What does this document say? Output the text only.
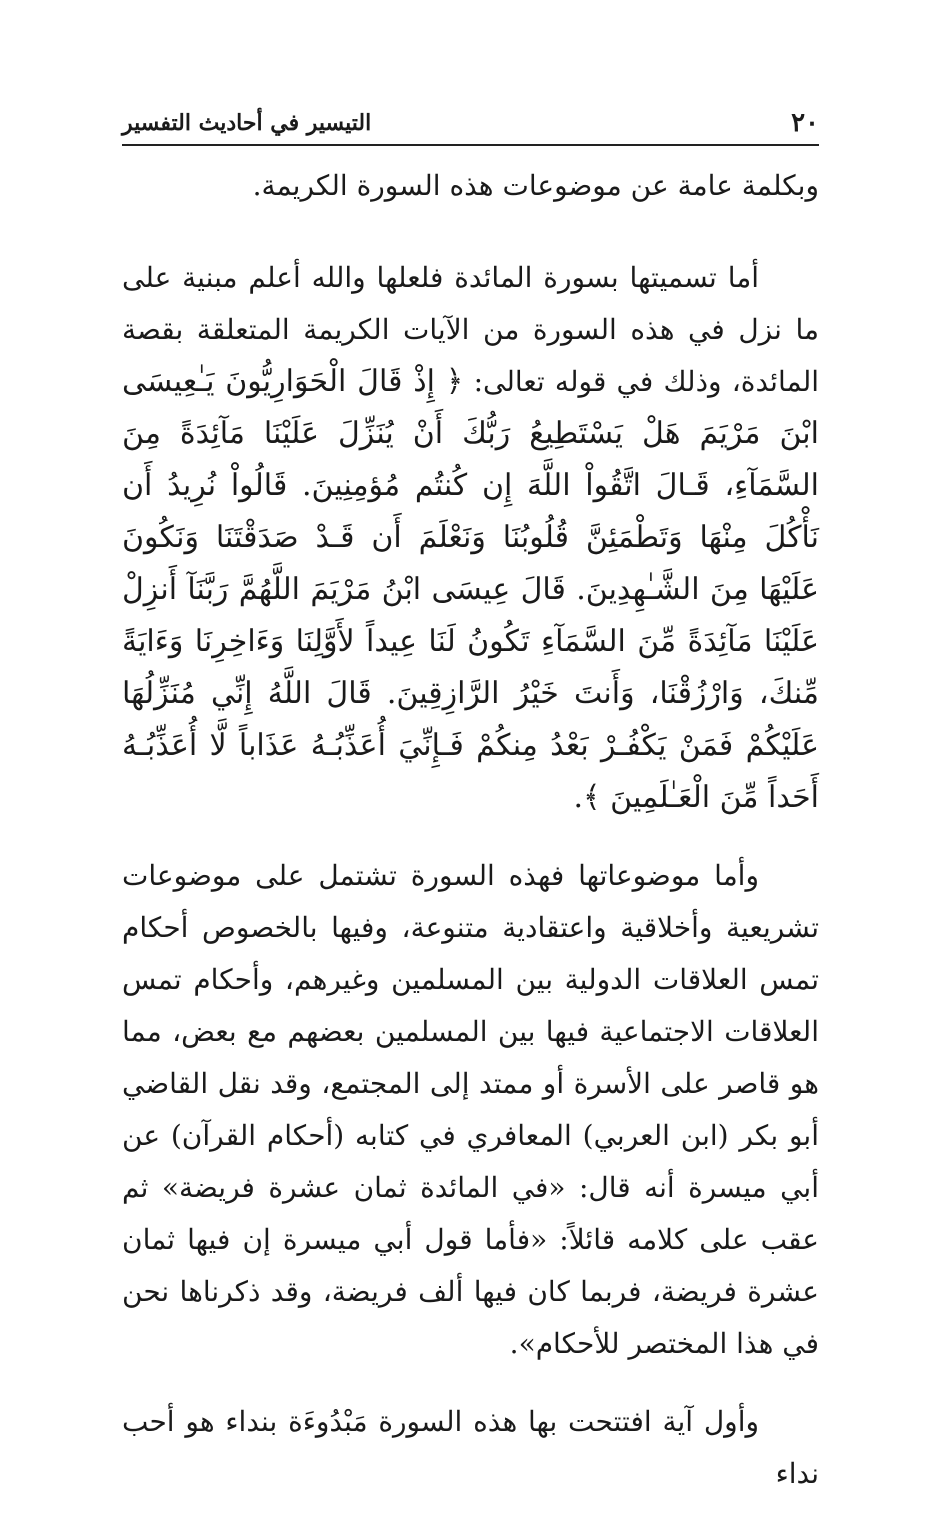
٢٠
التيسير في أحاديث التفسير

وبكلمة عامة عن موضوعات هذه السورة الكريمة.

أما تسميتها بسورة المائدة فلعلها والله أعلم مبنية على ما نزل في هذه السورة من الآيات الكريمة المتعلقة بقصة المائدة، وذلك في قوله تعالى: ﴿ إِذْ قَالَ الْحَوَارِيُّونَ يَـٰعِيسَى ابْنَ مَرْيَمَ هَلْ يَسْتَطِيعُ رَبُّكَ أَنْ يُنَزِّلَ عَلَيْنَا مَآئِدَةً مِنَ السَّمَآءِ، قَـالَ اتَّقُواْ اللَّهَ إِن كُنتُم مُؤمِنِينَ. قَالُواْ نُرِيدُ أَن نَأْكُلَ مِنْهَا وَتَطْمَئِنَّ قُلُوبُنَا وَنَعْلَمَ أَن قَـدْ صَدَقْتَنَا وَنَكُونَ عَلَيْهَا مِنَ الشَّـٰهِدِينَ. قَالَ عِيسَى ابْنُ مَرْيَمَ اللَّهُمَّ رَبَّنَآ أَنزِلْ عَلَيْنَا مَآئِدَةً مِّنَ السَّمَآءِ تَكُونُ لَنَا عِيداً لأَوَّلِنَا وَءَاخِرِنَا وَءَايَةً مِّنكَ، وَارْزُقْنَا، وَأَنتَ خَيْرُ الرَّازِقِينَ. قَالَ اللَّهُ إِنِّي مُنَزِّلُهَا عَلَيْكُمْ فَمَنْ يَكْفُـرْ بَعْدُ مِنكُمْ فَـإِنِّيَ أُعَذِّبُـهُ عَذَاباً لَّا أُعَذِّبُـهُ أَحَداً مِّنَ الْعَـٰلَمِينَ ﴾.

وأما موضوعاتها فهذه السورة تشتمل على موضوعات تشريعية وأخلاقية واعتقادية متنوعة، وفيها بالخصوص أحكام تمس العلاقات الدولية بين المسلمين وغيرهم، وأحكام تمس العلاقات الاجتماعية فيها بين المسلمين بعضهم مع بعض، مما هو قاصر على الأسرة أو ممتد إلى المجتمع، وقد نقل القاضي أبو بكر (ابن العربي) المعافري في كتابه (أحكام القرآن) عن أبي ميسرة أنه قال: «في المائدة ثمان عشرة فريضة» ثم عقب على كلامه قائلاً: «فأما قول أبي ميسرة إن فيها ثمان عشرة فريضة، فربما كان فيها ألف فريضة، وقد ذكرناها نحن في هذا المختصر للأحكام».

وأول آية افتتحت بها هذه السورة مَبْدُوءَة بنداء هو أحب نداء
